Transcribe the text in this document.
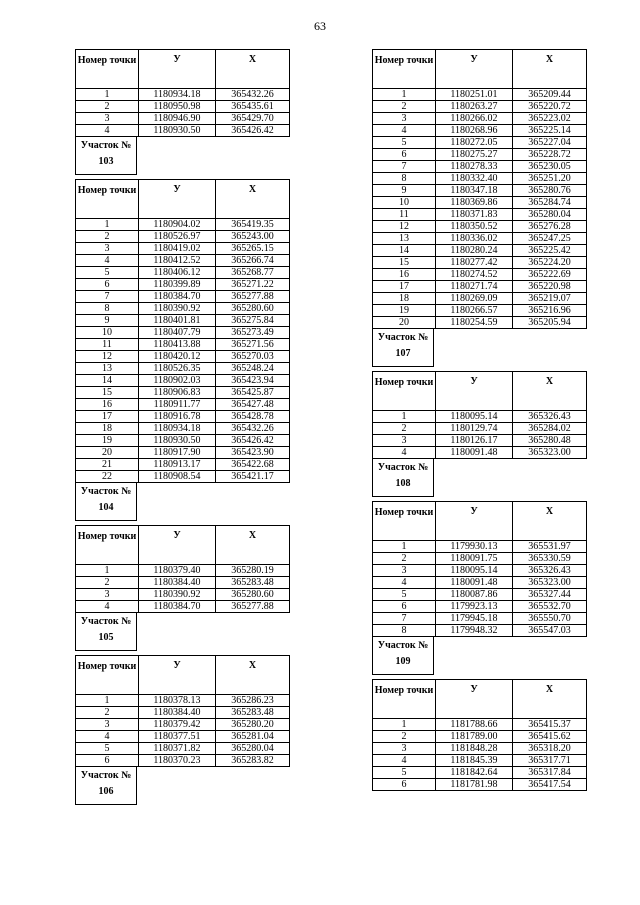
63
Номер точки	У	Х
1	1180934.18	365432.26
2	1180950.98	365435.61
3	1180946.90	365429.70
4	1180930.50	365426.42
Участок № 103
Номер точки	У	Х
1	1180904.02	365419.35
2	1180526.97	365243.00
3	1180419.02	365265.15
4	1180412.52	365266.74
5	1180406.12	365268.77
6	1180399.89	365271.22
7	1180384.70	365277.88
8	1180390.92	365280.60
9	1180401.81	365275.84
10	1180407.79	365273.49
11	1180413.88	365271.56
12	1180420.12	365270.03
13	1180526.35	365248.24
14	1180902.03	365423.94
15	1180906.83	365425.87
16	1180911.77	365427.48
17	1180916.78	365428.78
18	1180934.18	365432.26
19	1180930.50	365426.42
20	1180917.90	365423.90
21	1180913.17	365422.68
22	1180908.54	365421.17
Участок № 104
Номер точки	У	Х
1	1180379.40	365280.19
2	1180384.40	365283.48
3	1180390.92	365280.60
4	1180384.70	365277.88
Участок № 105
Номер точки	У	Х
1	1180378.13	365286.23
2	1180384.40	365283.48
3	1180379.42	365280.20
4	1180377.51	365281.04
5	1180371.82	365280.04
6	1180370.23	365283.82
Участок № 106
Номер точки	У	Х
1	1180251.01	365209.44
2	1180263.27	365220.72
3	1180266.02	365223.02
4	1180268.96	365225.14
5	1180272.05	365227.04
6	1180275.27	365228.72
7	1180278.33	365230.05
8	1180332.40	365251.20
9	1180347.18	365280.76
10	1180369.86	365284.74
11	1180371.83	365280.04
12	1180350.52	365276.28
13	1180336.02	365247.25
14	1180280.24	365225.42
15	1180277.42	365224.20
16	1180274.52	365222.69
17	1180271.74	365220.98
18	1180269.09	365219.07
19	1180266.57	365216.96
20	1180254.59	365205.94
Участок № 107
Номер точки	У	Х
1	1180095.14	365326.43
2	1180129.74	365284.02
3	1180126.17	365280.48
4	1180091.48	365323.00
Участок № 108
Номер точки	У	Х
1	1179930.13	365531.97
2	1180091.75	365330.59
3	1180095.14	365326.43
4	1180091.48	365323.00
5	1180087.86	365327.44
6	1179923.13	365532.70
7	1179945.18	365550.70
8	1179948.32	365547.03
Участок № 109
Номер точки	У	Х
1	1181788.66	365415.37
2	1181789.00	365415.62
3	1181848.28	365318.20
4	1181845.39	365317.71
5	1181842.64	365317.84
6	1181781.98	365417.54
